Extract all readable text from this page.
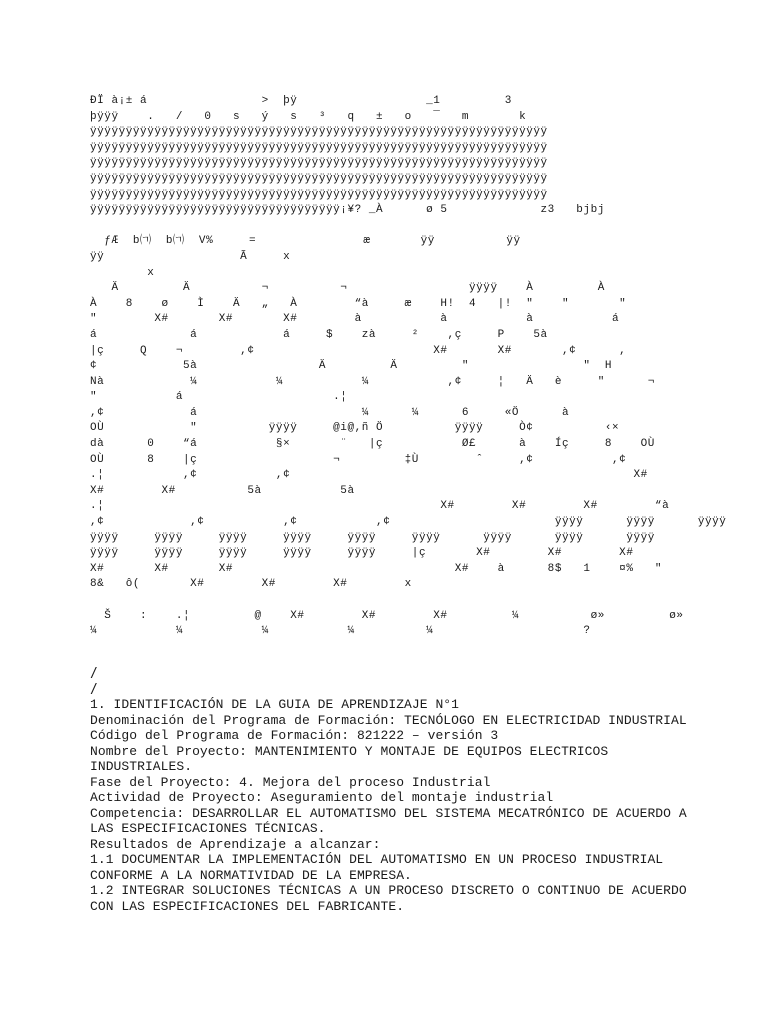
ÐÏ à¡± á                >  þÿ                  _1         3
þÿÿÿ    .   /   0   s   ý   s   ³   q   ±   o   ¯   m       k
ÿÿÿÿÿÿÿÿÿÿÿÿÿÿÿÿÿÿÿÿÿÿÿÿÿÿÿÿÿÿÿÿÿÿÿÿÿÿÿÿÿÿÿÿÿÿÿÿÿÿÿÿÿÿÿÿÿÿÿÿÿÿÿÿ
ÿÿÿÿÿÿÿÿÿÿÿÿÿÿÿÿÿÿÿÿÿÿÿÿÿÿÿÿÿÿÿÿÿÿÿÿÿÿÿÿÿÿÿÿÿÿÿÿÿÿÿÿÿÿÿÿÿÿÿÿÿÿÿÿ
ÿÿÿÿÿÿÿÿÿÿÿÿÿÿÿÿÿÿÿÿÿÿÿÿÿÿÿÿÿÿÿÿÿÿÿÿÿÿÿÿÿÿÿÿÿÿÿÿÿÿÿÿÿÿÿÿÿÿÿÿÿÿÿÿ
ÿÿÿÿÿÿÿÿÿÿÿÿÿÿÿÿÿÿÿÿÿÿÿÿÿÿÿÿÿÿÿÿÿÿÿÿÿÿÿÿÿÿÿÿÿÿÿÿÿÿÿÿÿÿÿÿÿÿÿÿÿÿÿÿ
ÿÿÿÿÿÿÿÿÿÿÿÿÿÿÿÿÿÿÿÿÿÿÿÿÿÿÿÿÿÿÿÿÿÿÿÿÿÿÿÿÿÿÿÿÿÿÿÿÿÿÿÿÿÿÿÿÿÿÿÿÿÿÿÿ
ÿÿÿÿÿÿÿÿÿÿÿÿÿÿÿÿÿÿÿÿÿÿÿÿÿÿÿÿÿÿÿÿÿÿÿ¡¥? _À      ø 5             z3   bjbj

ƒÆ  b㈀  b㈀  V%     =               æ       ÿÿ          ÿÿ
ÿÿ                   Ã     x
x
Ä         Ä          ¬          ¬                 ÿÿÿÿ    À         À
À    8    ø    Ì    Ä   „   À        “à     æ    H!  4   |!  ″    ″       ″
″        X#       X#       X#        à           à           à           á
á             á            á     $    zà     ²    ,ç     P    5à
|ç     Q    ¬        ,¢                         X#       X#       ,¢      ,
¢            5à                 Ä         Ä         ″                ″  H
Nà            ¼           ¼           ¼           ,¢     ¦   Ä   è     ″      ¬
″           á                     .¦
,¢            á                       ¼      ¼      6     «Ö      à
OÙ            ″          ÿÿÿÿ     @i@,ñ Ö          ÿÿÿÿ     Ò¢          ‹×
dà      0    “á           §×       ¨   |ç           Ø£      à    Íç     8    OÙ
OÙ      8    |ç                   ¬         ‡Ù        ˆ     ,¢           ,¢
.¦           ,¢           ,¢                                                X#
X#        X#          5à           5à
.¦                                               X#        X#        X#        “à
,¢            ,¢           ,¢           ,¢                       ÿÿÿÿ      ÿÿÿÿ      ÿÿÿÿ
ÿÿÿÿ     ÿÿÿÿ     ÿÿÿÿ     ÿÿÿÿ     ÿÿÿÿ     ÿÿÿÿ      ÿÿÿÿ      ÿÿÿÿ      ÿÿÿÿ
ÿÿÿÿ     ÿÿÿÿ     ÿÿÿÿ     ÿÿÿÿ     ÿÿÿÿ     |ç       X#        X#        X#
X#       X#       X#                               X#    à      8$   1    ¤%   ″
8&   ô(       X#        X#        X#        x

Š    :    .¦         @    X#        X#        X#         ¼          ø»         ø»
¼           ¼           ¼           ¼          ¼                     ?

/
/

1. IDENTIFICACIÓN DE LA GUIA DE APRENDIZAJE N°1

Denominación del Programa de Formación: TECNÓLOGO EN ELECTRICIDAD INDUSTRIAL

Código del Programa de Formación: 821222 – versión 3

Nombre del Proyecto: MANTENIMIENTO Y MONTAJE DE EQUIPOS ELECTRICOS INDUSTRIALES.

Fase del Proyecto: 4. Mejora del proceso Industrial

Actividad de Proyecto: Aseguramiento del montaje industrial

Competencia: DESARROLLAR EL AUTOMATISMO DEL SISTEMA MECATRÓNICO DE ACUERDO A LAS ESPECIFICACIONES TÉCNICAS.

Resultados de Aprendizaje a alcanzar:

1.1 DOCUMENTAR LA IMPLEMENTACIÓN DEL AUTOMATISMO EN UN PROCESO INDUSTRIAL CONFORME A LA NORMATIVIDAD DE LA EMPRESA.

1.2 INTEGRAR SOLUCIONES TÉCNICAS A UN PROCESO DISCRETO O CONTINUO DE ACUERDO CON LAS ESPECIFICACIONES DEL FABRICANTE.
